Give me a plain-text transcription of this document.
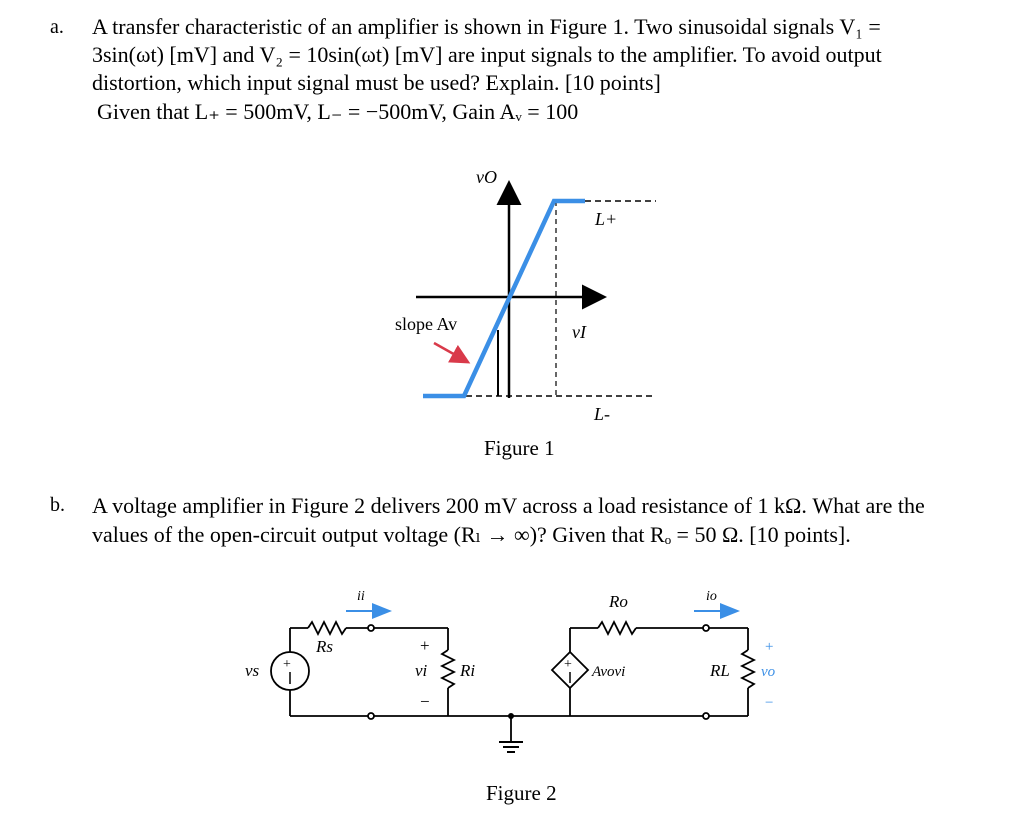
a. A transfer characteristic of an amplifier is shown in Figure 1. Two sinusoidal signals V₁ =
3sin(ωt) [mV] and V₂ = 10sin(ωt) [mV] are input signals to the amplifier. To avoid output
distortion, which input signal must be used? Explain. [10 points]
Given that L₊ = 500mV, L₋ = −500mV, Gain Aᵥ = 100
vO
L+
vI
L-
slope Av
Figure 1
b. A voltage amplifier in Figure 2 delivers 200 mV across a load resistance of 1 kΩ. What are the
values of the open-circuit output voltage (Rₗ → ∞)? Given that Rₒ = 50 Ω. [10 points].
+	+
vs
Rs
ii
+
vi
−
Ri
Ro	io
Avovi	RL
+
vo
−
Figure 2
